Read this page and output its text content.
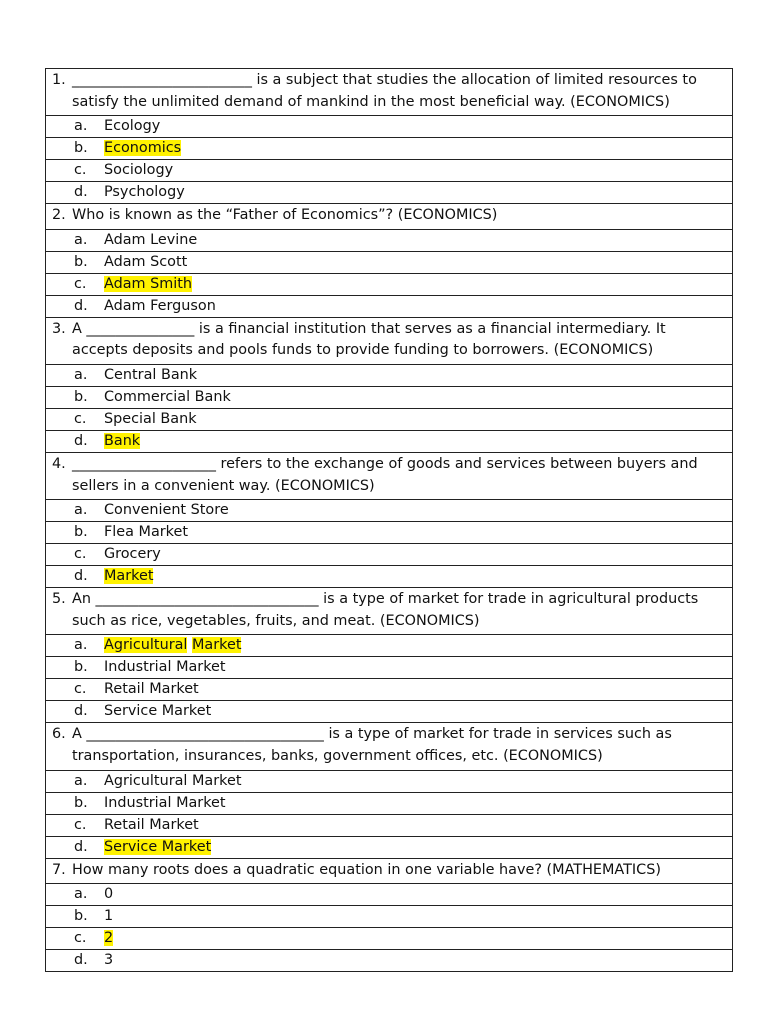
1. _________________________ is a subject that studies the allocation of limited resources to satisfy the unlimited demand of mankind in the most beneficial way. (ECONOMICS)

a.	Ecology

b.	Economics

c.	Sociology

d.	Psychology

2. Who is known as the “Father of Economics”? (ECONOMICS)

a.	Adam Levine

b.	Adam Scott

c.	Adam Smith

d.	Adam Ferguson

3. A _______________ is a financial institution that serves as a financial intermediary. It accepts deposits and pools funds to provide funding to borrowers. (ECONOMICS)

a.	Central Bank

b.	Commercial Bank

c.	Special Bank

d.	Bank

4. ____________________ refers to the exchange of goods and services between buyers and sellers in a convenient way. (ECONOMICS)

a.	Convenient Store

b.	Flea Market

c.	Grocery

d.	Market

5. An _______________________________ is a type of market for trade in agricultural products such as rice, vegetables, fruits, and meat. (ECONOMICS)

a.	Agricultural Market

b.	Industrial Market

c.	Retail Market

d.	Service Market

6. A _________________________________ is a type of market for trade in services such as transportation, insurances, banks, government offices, etc. (ECONOMICS)

a.	Agricultural Market

b.	Industrial Market

c.	Retail Market

d.	Service Market

7. How many roots does a quadratic equation in one variable have? (MATHEMATICS)

a.	0

b.	1

c.	2

d.	3
